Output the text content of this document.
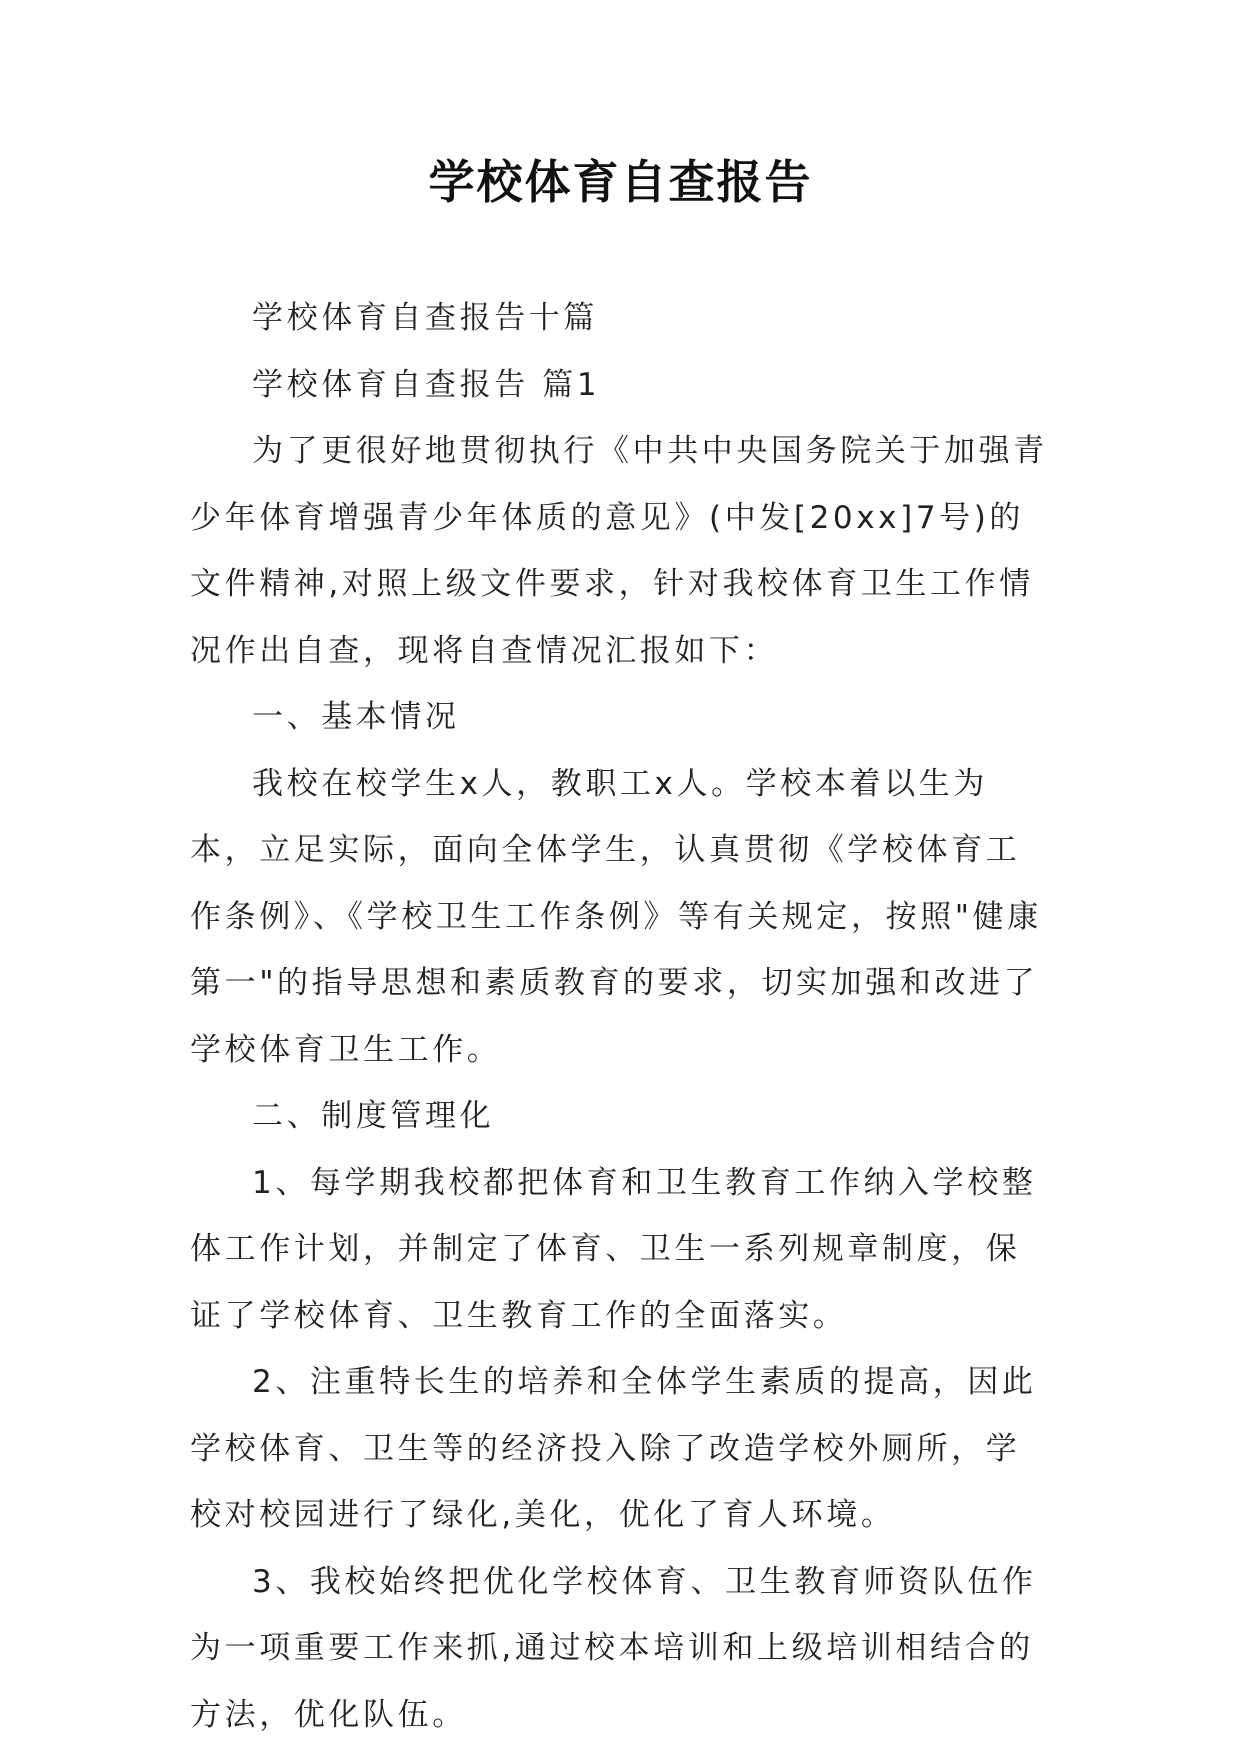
学校体育自查报告

学校体育自查报告十篇

学校体育自查报告 篇1

为了更很好地贯彻执行《中共中央国务院关于加强青少年体育增强青少年体质的意见》(中发[20xx]7号)的文件精神,对照上级文件要求，针对我校体育卫生工作情况作出自查，现将自查情况汇报如下：

一、基本情况

我校在校学生x人，教职工x人。学校本着以生为本，立足实际，面向全体学生，认真贯彻《学校体育工作条例》、《学校卫生工作条例》等有关规定，按照"健康第一"的指导思想和素质教育的要求，切实加强和改进了学校体育卫生工作。

二、制度管理化

1、每学期我校都把体育和卫生教育工作纳入学校整体工作计划，并制定了体育、卫生一系列规章制度，保证了学校体育、卫生教育工作的全面落实。

2、注重特长生的培养和全体学生素质的提高，因此学校体育、卫生等的经济投入除了改造学校外厕所，学校对校园进行了绿化,美化，优化了育人环境。

3、我校始终把优化学校体育、卫生教育师资队伍作为一项重要工作来抓,通过校本培训和上级培训相结合的方法，优化队伍。
